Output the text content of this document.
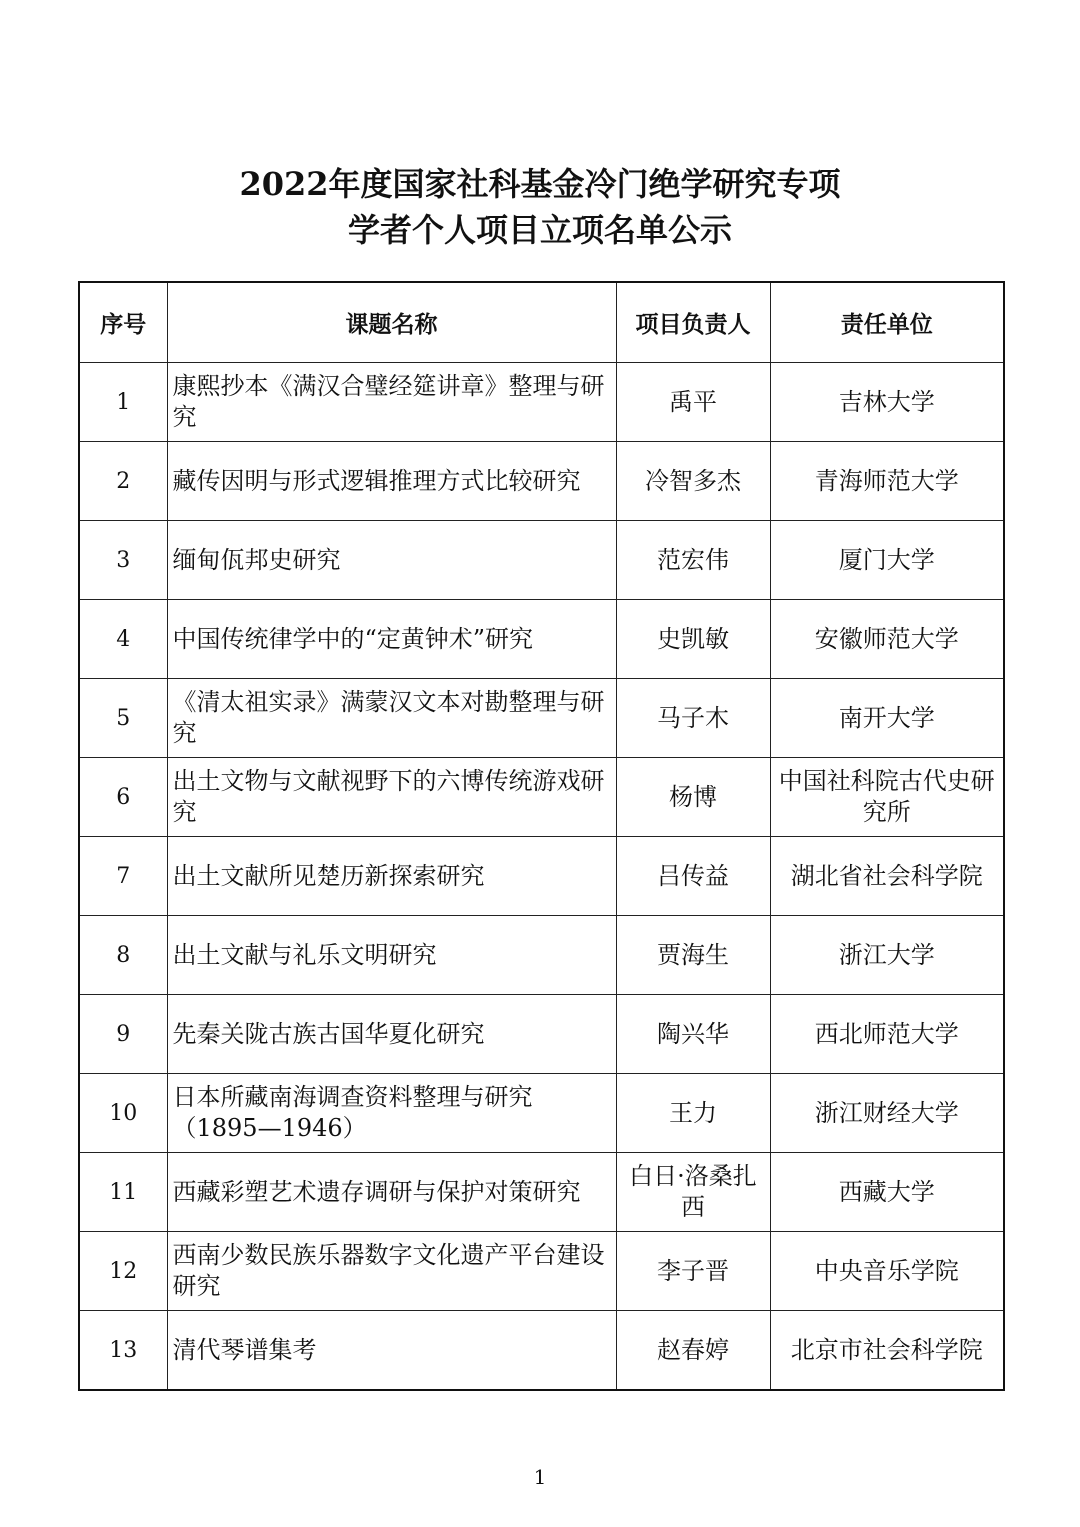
2022年度国家社科基金冷门绝学研究专项
学者个人项目立项名单公示
序号	课题名称	项目负责人	责任单位
1	康熙抄本《满汉合璧经筵讲章》整理与研究	禹平	吉林大学
2	藏传因明与形式逻辑推理方式比较研究	冷智多杰	青海师范大学
3	缅甸佤邦史研究	范宏伟	厦门大学
4	中国传统律学中的“定黄钟术”研究	史凯敏	安徽师范大学
5	《清太祖实录》满蒙汉文本对勘整理与研究	马子木	南开大学
6	出土文物与文献视野下的六博传统游戏研究	杨博	中国社科院古代史研究所
7	出土文献所见楚历新探索研究	吕传益	湖北省社会科学院
8	出土文献与礼乐文明研究	贾海生	浙江大学
9	先秦关陇古族古国华夏化研究	陶兴华	西北师范大学
10	日本所藏南海调查资料整理与研究（1895—1946）	王力	浙江财经大学
11	西藏彩塑艺术遗存调研与保护对策研究	白日·洛桑扎西	西藏大学
12	西南少数民族乐器数字文化遗产平台建设研究	李子晋	中央音乐学院
13	清代琴谱集考	赵春婷	北京市社会科学院
1
